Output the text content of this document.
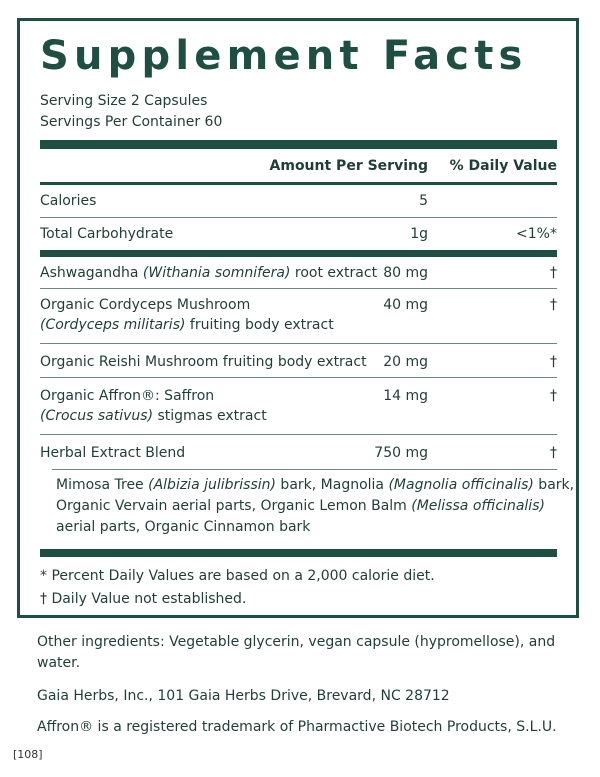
Supplement Facts
Serving Size 2 Capsules
Servings Per Container 60
Amount Per Serving % Daily Value
Calories	5
Total Carbohydrate	1g	<1%*
Ashwagandha (Withania somnifera) root extract 80 mg	†
Organic Cordyceps Mushroom
(Cordyceps militaris) fruiting body extract
40 mg	†
Organic Reishi Mushroom fruiting body extract 20 mg	†
Organic Affron®: Saffron
(Crocus sativus) stigmas extract
14 mg	†
Herbal Extract Blend	750 mg	†
Mimosa Tree (Albizia julibrissin) bark, Magnolia (Magnolia officinalis) bark, Organic Vervain aerial parts, Organic Lemon Balm (Melissa officinalis) aerial parts, Organic Cinnamon bark
* Percent Daily Values are based on a 2,000 calorie diet.
† Daily Value not established.
Other ingredients: Vegetable glycerin, vegan capsule (hypromellose), and water.
Gaia Herbs, Inc., 101 Gaia Herbs Drive, Brevard, NC 28712
Affron® is a registered trademark of Pharmactive Biotech Products, S.L.U.
[108]
